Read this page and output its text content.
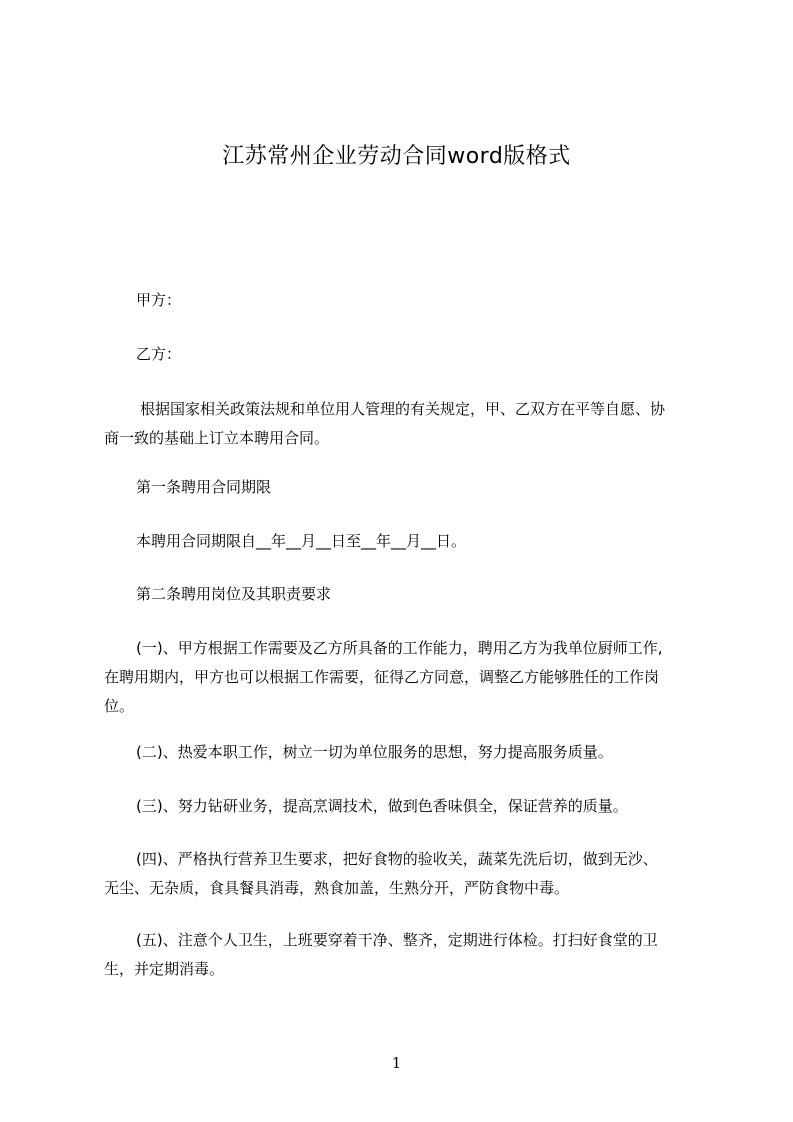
江苏常州企业劳动合同word版格式
甲方：
乙方：
根据国家相关政策法规和单位用人管理的有关规定，甲、乙双方在平等自愿、协
商一致的基础上订立本聘用合同。
第一条聘用合同期限
本聘用合同期限自__年__月__日至__年__月__日。
第二条聘用岗位及其职责要求
(一)、甲方根据工作需要及乙方所具备的工作能力，聘用乙方为我单位厨师工作,
在聘用期内，甲方也可以根据工作需要，征得乙方同意，调整乙方能够胜任的工作岗
位。
(二)、热爱本职工作，树立一切为单位服务的思想，努力提高服务质量。
(三)、努力钻研业务，提高烹调技术，做到色香味俱全，保证营养的质量。
(四)、严格执行营养卫生要求，把好食物的验收关，蔬菜先洗后切，做到无沙、
无尘、无杂质，食具餐具消毒，熟食加盖，生熟分开，严防食物中毒。
(五)、注意个人卫生，上班要穿着干净、整齐，定期进行体检。打扫好食堂的卫
生，并定期消毒。
1
